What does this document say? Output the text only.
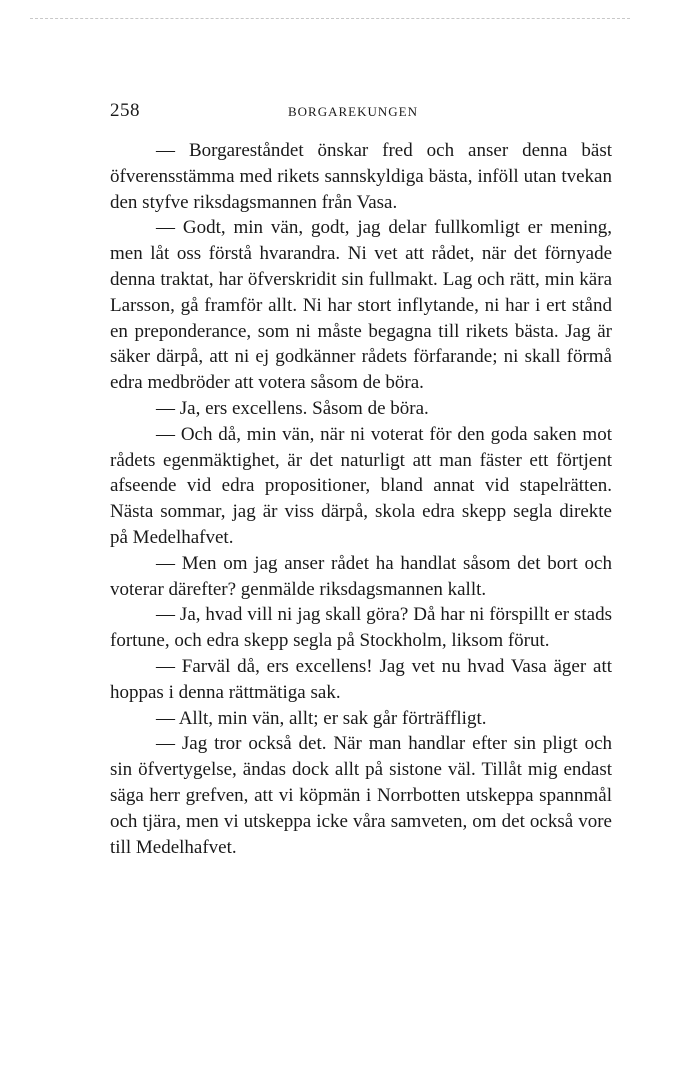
258	BORGAREKUNGEN

— Borgareståndet önskar fred och anser denna bäst öfverensstämma med rikets sannskyldiga bästa, inföll utan tvekan den styfve riksdagsmannen från Vasa.

— Godt, min vän, godt, jag delar fullkomligt er mening, men låt oss förstå hvarandra. Ni vet att rådet, när det förnyade denna traktat, har öfverskridit sin fullmakt. Lag och rätt, min kära Larsson, gå framför allt. Ni har stort inflytande, ni har i ert stånd en preponderance, som ni måste begagna till rikets bästa. Jag är säker därpå, att ni ej godkänner rådets förfarande; ni skall förmå edra medbröder att votera såsom de böra.

— Ja, ers excellens. Såsom de böra.

— Och då, min vän, när ni voterat för den goda saken mot rådets egenmäktighet, är det naturligt att man fäster ett förtjent afseende vid edra propositioner, bland annat vid stapelrätten. Nästa sommar, jag är viss därpå, skola edra skepp segla direkte på Medelhafvet.

— Men om jag anser rådet ha handlat såsom det bort och voterar därefter? genmälde riksdagsmannen kallt.

— Ja, hvad vill ni jag skall göra? Då har ni förspillt er stads fortune, och edra skepp segla på Stockholm, liksom förut.

— Farväl då, ers excellens! Jag vet nu hvad Vasa äger att hoppas i denna rättmätiga sak.

— Allt, min vän, allt; er sak går förträffligt.

— Jag tror också det. När man handlar efter sin pligt och sin öfvertygelse, ändas dock allt på sistone väl. Tillåt mig endast säga herr grefven, att vi köpmän i Norrbotten utskeppa spannmål och tjära, men vi utskeppa icke våra samveten, om det också vore till Medelhafvet.
